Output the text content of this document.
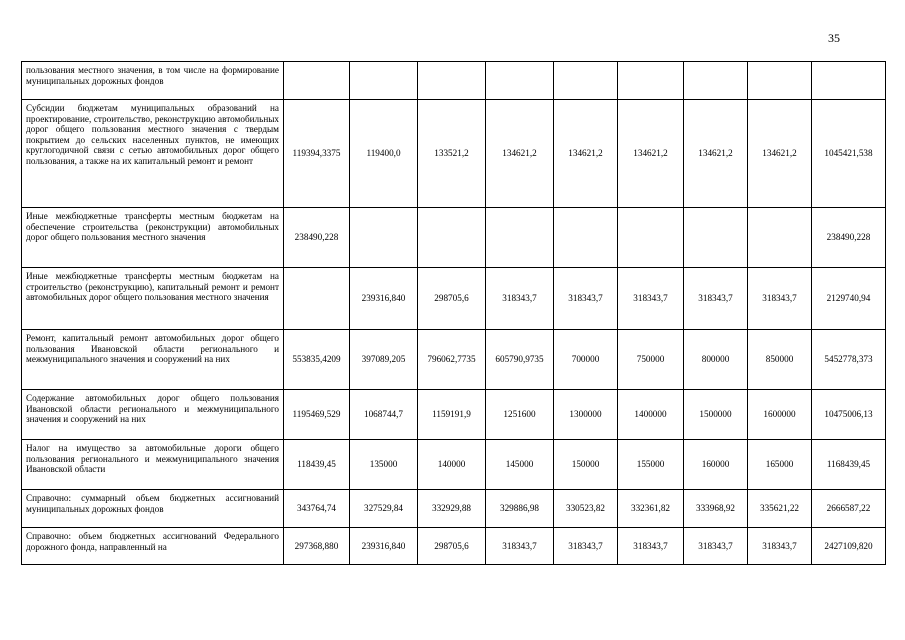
35
пользования местного значения, в том числе на формирование муниципальных дорожных фондов									
Субсидии бюджетам муниципальных образований на проектирование, строительство, реконструкцию автомобильных дорог общего пользования местного значения с твердым покрытием до сельских населенных пунктов, не имеющих круглогодичной связи с сетью автомобильных дорог общего пользования, а также на их капитальный ремонт и ремонт	119394,3375	119400,0	133521,2	134621,2	134621,2	134621,2	134621,2	134621,2	1045421,538
Иные межбюджетные трансферты местным бюджетам на обеспечение строительства (реконструкции) автомобильных дорог общего пользования местного значения	238490,228								238490,228
Иные межбюджетные трансферты местным бюджетам на строительство (реконструкцию), капитальный ремонт и ремонт автомобильных дорог общего пользования местного значения		239316,840	298705,6	318343,7	318343,7	318343,7	318343,7	318343,7	2129740,94
Ремонт, капитальный ремонт автомобильных дорог общего пользования Ивановской области регионального и межмуниципального значения и сооружений на них	553835,4209	397089,205	796062,7735	605790,9735	700000	750000	800000	850000	5452778,373
Содержание автомобильных дорог общего пользования Ивановской области регионального и межмуниципального значения и сооружений на них	1195469,529	1068744,7	1159191,9	1251600	1300000	1400000	1500000	1600000	10475006,13
Налог на имущество за автомобильные дороги общего пользования регионального и межмуниципального значения Ивановской области	118439,45	135000	140000	145000	150000	155000	160000	165000	1168439,45
Справочно: суммарный объем бюджетных ассигнований муниципальных дорожных фондов	343764,74	327529,84	332929,88	329886,98	330523,82	332361,82	333968,92	335621,22	2666587,22
Справочно: объем бюджетных ассигнований Федерального дорожного фонда, направленный на	297368,880	239316,840	298705,6	318343,7	318343,7	318343,7	318343,7	318343,7	2427109,820
